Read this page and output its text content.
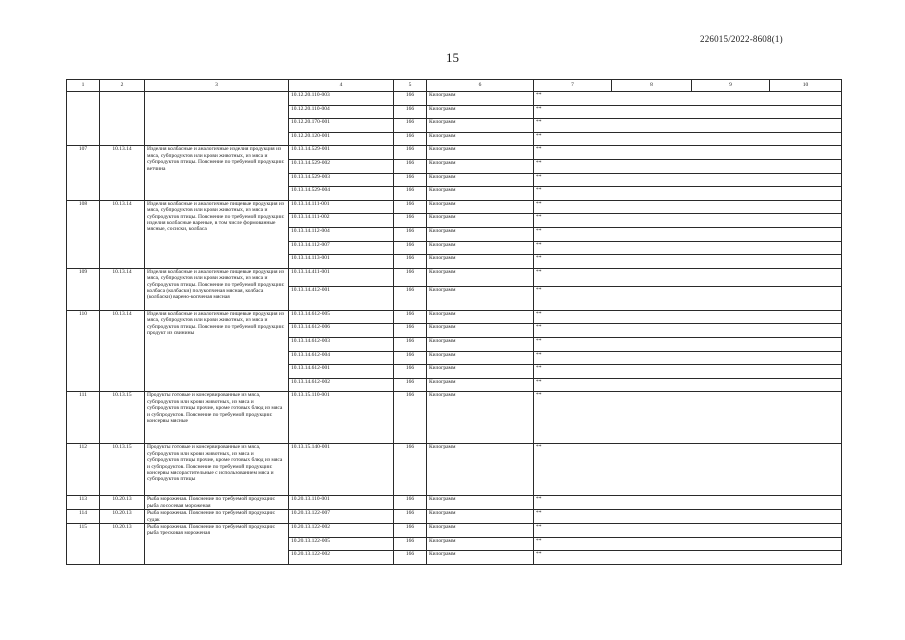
226015/2022-8608(1)
15
1	2	3	4	5	6	7	8	9	10
			10.12.20.110-003	166	Килограмм	**			
			10.12.20.110-004	166	Килограмм	**			
			10.12.20.170-001	166	Килограмм	**			
			10.12.20.120-001	166	Килограмм	**			
107	10.13.14	Изделия колбасные и аналогичные изделия продукция из мяса, субпродуктов или крови животных, из мяса и субпродуктов птицы. Пояснение по требуемой продукции: ветчина	10.13.14.529-001	166	Килограмм	**			
			10.13.14.529-002	166	Килограмм	**			
			10.13.14.529-003	166	Килограмм	**			
			10.13.14.529-004	166	Килограмм	**			
108	10.13.14	Изделия колбасные и аналогичные пищевые продукция из мяса, субпродуктов или крови животных, из мяса и субпродуктов птицы. Пояснение по требуемой продукции: изделия колбасные вареные, в том числе формованные мясные, сосиски, колбаса	10.13.14.111-001	166	Килограмм	**			
			10.13.14.111-002	166	Килограмм	**			
			10.13.14.112-004	166	Килограмм	**			
			10.13.14.112-007	166	Килограмм	**			
			10.13.14.113-001	166	Килограмм	**			
109	10.13.14	Изделия колбасные и аналогичные пищевые продукция из мяса, субпродуктов или крови животных, из мяса и субпродуктов птицы. Пояснение по требуемой продукции: колбаса (колбаски) полукопченая мясная, колбаса (колбаски) варено-копченая мясная	10.13.14.411-001	166	Килограмм	**			
			10.13.14.412-001	166	Килограмм	**			
110	10.13.14	Изделия колбасные и аналогичные пищевые продукция из мяса, субпродуктов или крови животных, из мяса и субпродуктов птицы. Пояснение по требуемой продукции: продукт из свинины	10.13.14.612-005	166	Килограмм	**			
			10.13.14.612-006	166	Килограмм	**			
			10.13.14.612-003	166	Килограмм	**			
			10.13.14.612-004	166	Килограмм	**			
			10.13.14.612-001	166	Килограмм	**			
			10.13.14.612-002	166	Килограмм	**			
111	10.13.15	Продукты готовые и консервированные из мяса, субпродуктов или крови животных, из мяса и субпродуктов птицы прочие, кроме готовых блюд из мяса и субпродуктов. Пояснение по требуемой продукции: консервы мясные	10.13.15.110-001	166	Килограмм	**			
112	10.13.15	Продукты готовые и консервированные из мяса, субпродуктов или крови животных, из мяса и субпродуктов птицы прочие, кроме готовых блюд из мяса и субпродуктов. Пояснение по требуемой продукции: консервы мясорастительные с использованием мяса и субпродуктов птицы	10.13.15.140-001	166	Килограмм	**			
113	10.20.13	Рыба мороженая. Пояснение по требуемой продукции: рыба лососевая мороженая	10.20.13.110-001	166	Килограмм	**			
114	10.20.13	Рыба мороженая. Пояснение по требуемой продукции: судак	10.20.13.122-007	166	Килограмм	**			
115	10.20.13	Рыба мороженая. Пояснение по требуемой продукции: рыба тресковая мороженая	10.20.13.122-002	166	Килограмм	**			
			10.20.13.122-005	166	Килограмм	**			
			10.20.13.122-002	166	Килограмм	**			
